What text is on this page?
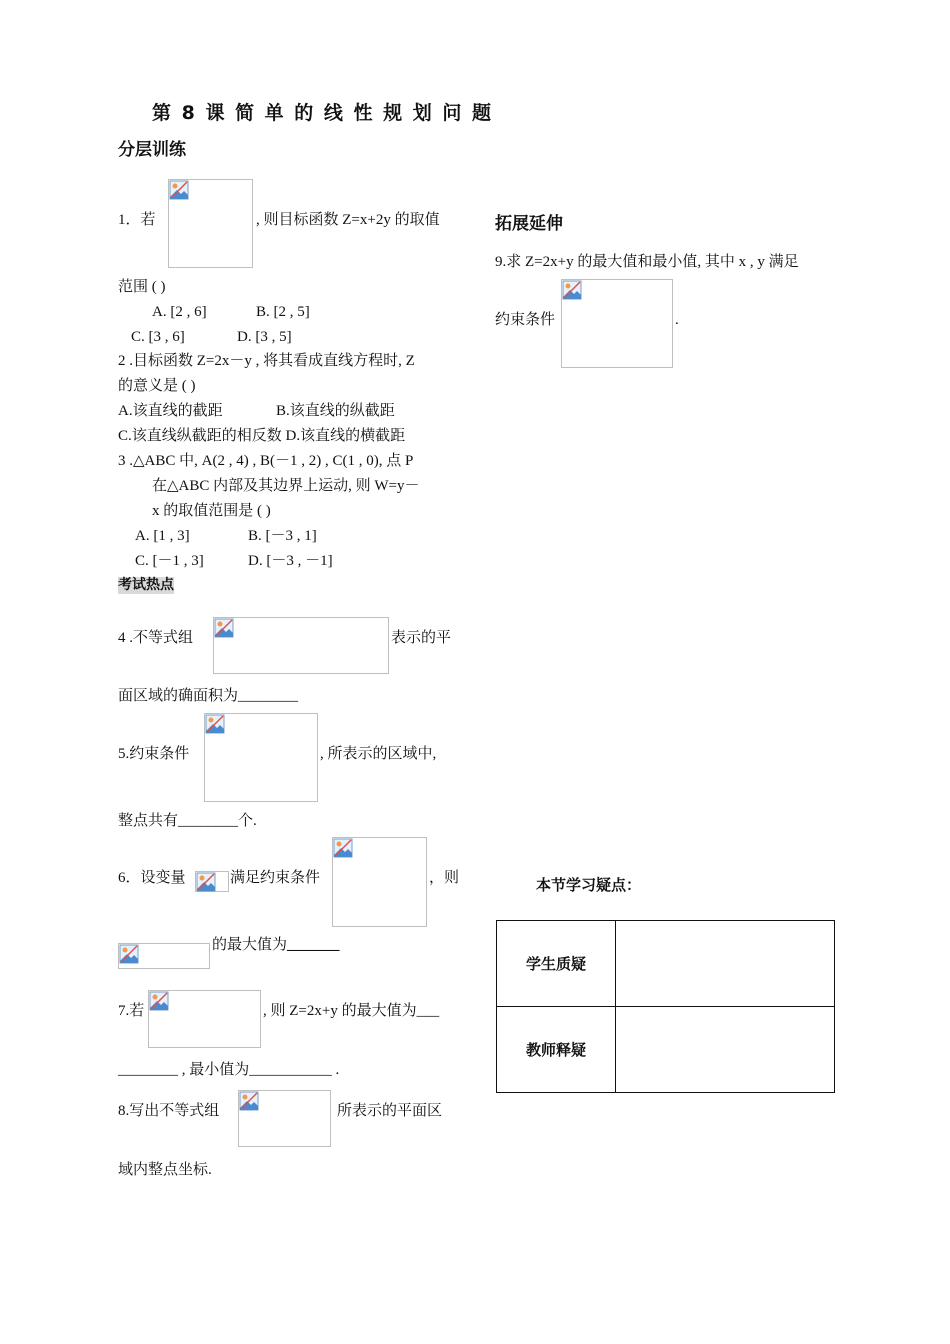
第 8 课 简 单 的 线 性 规 划 问 题
分层训练
1．若	, 则目标函数 Z=x+2y 的取值
范围 ( )
A. [2 , 6]	B. [2 , 5]
C. [3 , 6]	D. [3 , 5]
2 .目标函数 Z=2x－y , 将其看成直线方程时, Z
的意义是 ( )
A.该直线的截距	B.该直线的纵截距
C.该直线纵截距的相反数 D.该直线的横截距
3 .△ABC 中, A(2 , 4) , B(－1 , 2) , C(1 , 0), 点 P
在△ABC 内部及其边界上运动, 则 W=y－
x 的取值范围是 ( )
A. [1 , 3]	B. [－3 , 1]
C. [－1 , 3]	D. [－3 , －1]
考试热点
4 .不等式组	表示的平
面区域的确面积为________
5.约束条件	, 所表示的区域中,
整点共有________个.
6．设变量	满足约束条件	，则
的最大值为_______
7.若	, 则 Z=2x+y 的最大值为___
________ , 最小值为___________ .
8.写出不等式组	所表示的平面区
域内整点坐标.
拓展延伸
9.求 Z=2x+y 的最大值和最小值, 其中 x , y 满足
约束条件	.
本节学习疑点：
学生质疑	
教师释疑	
